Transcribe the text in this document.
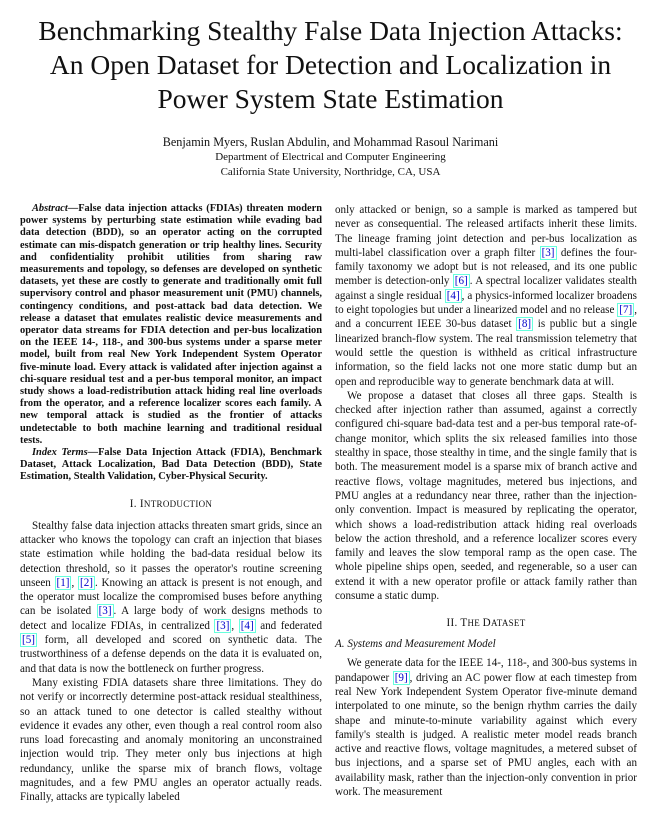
Benchmarking Stealthy False Data Injection Attacks:
An Open Dataset for Detection and Localization in
Power System State Estimation
Benjamin Myers, Ruslan Abdulin, and Mohammad Rasoul Narimani
Department of Electrical and Computer Engineering
California State University, Northridge, CA, USA

Abstract—False data injection attacks (FDIAs) threaten modern power systems by perturbing state estimation while evading bad data detection (BDD), so an operator acting on the corrupted estimate can mis-dispatch generation or trip healthy lines. Security and confidentiality prohibit utilities from sharing raw measurements and topology, so defenses are developed on synthetic datasets, yet these are costly to generate and traditionally omit full supervisory control and phasor measurement unit (PMU) channels, contingency conditions, and post-attack bad data detection. We release a dataset that emulates realistic device measurements and operator data streams for FDIA detection and per-bus localization on the IEEE 14-, 118-, and 300-bus systems under a sparse meter model, built from real New York Independent System Operator five-minute load. Every attack is validated after injection against a chi-square residual test and a per-bus temporal monitor, an impact study shows a load-redistribution attack hiding real line overloads from the operator, and a reference localizer scores each family. A new temporal attack is studied as the frontier of attacks undetectable to both machine learning and traditional residual tests.

Index Terms—False Data Injection Attack (FDIA), Benchmark Dataset, Attack Localization, Bad Data Detection (BDD), State Estimation, Stealth Validation, Cyber-Physical Security.

I. INTRODUCTION

Stealthy false data injection attacks threaten smart grids, since an attacker who knows the topology can craft an injection that biases state estimation while holding the bad-data residual below its detection threshold, so it passes the operator's routine screening unseen [1] , [2] . Knowing an attack is present is not enough, and the operator must localize the compromised buses before anything can be isolated [3] . A large body of work designs methods to detect and localize FDIAs, in centralized [3] , [4] and federated [5] form, all developed and scored on synthetic data. The trustworthiness of a defense depends on the data it is evaluated on, and that data is now the bottleneck on further progress.

Many existing FDIA datasets share three limitations. They do not verify or incorrectly determine post-attack residual stealthiness, so an attack tuned to one detector is called stealthy without evidence it evades any other, even though a real control room also runs load forecasting and anomaly monitoring an unconstrained injection would trip. They meter only bus injections at high redundancy, unlike the sparse mix of branch flows, voltage magnitudes, and a few PMU angles an operator actually reads. Finally, attacks are typically labeled

only attacked or benign, so a sample is marked as tampered but never as consequential. The released artifacts inherit these limits. The lineage framing joint detection and per-bus localization as multi-label classification over a graph filter [3] defines the four-family taxonomy we adopt but is not released, and its one public member is detection-only [6] . A spectral localizer validates stealth against a single residual [4] , a physics-informed localizer broadens to eight topologies but under a linearized model and no release [7] , and a concurrent IEEE 30-bus dataset [8] is public but a single linearized branch-flow system. The real transmission telemetry that would settle the question is withheld as critical infrastructure information, so the field lacks not one more static dump but an open and reproducible way to generate benchmark data at will.

We propose a dataset that closes all three gaps. Stealth is checked after injection rather than assumed, against a correctly configured chi-square bad-data test and a per-bus temporal rate-of-change monitor, which splits the six released families into those stealthy in space, those stealthy in time, and the single family that is both. The measurement model is a sparse mix of branch active and reactive flows, voltage magnitudes, metered bus injections, and PMU angles at a redundancy near three, rather than the injection-only convention. Impact is measured by replicating the operator, which shows a load-redistribution attack hiding real overloads below the action threshold, and a reference localizer scores every family and leaves the slow temporal ramp as the open case. The whole pipeline ships open, seeded, and regenerable, so a user can extend it with a new operator profile or attack family rather than consume a static dump.

II. THE DATASET
A. Systems and Measurement Model

We generate data for the IEEE 14-, 118-, and 300-bus systems in pandapower [9] , driving an AC power flow at each timestep from real New York Independent System Operator five-minute demand interpolated to one minute, so the benign rhythm carries the daily shape and minute-to-minute variability against which every family's stealth is judged. A realistic meter model reads branch active and reactive flows, voltage magnitudes, a metered subset of bus injections, and a sparse set of PMU angles, each with an availability mask, rather than the injection-only convention in prior work. The measurement
